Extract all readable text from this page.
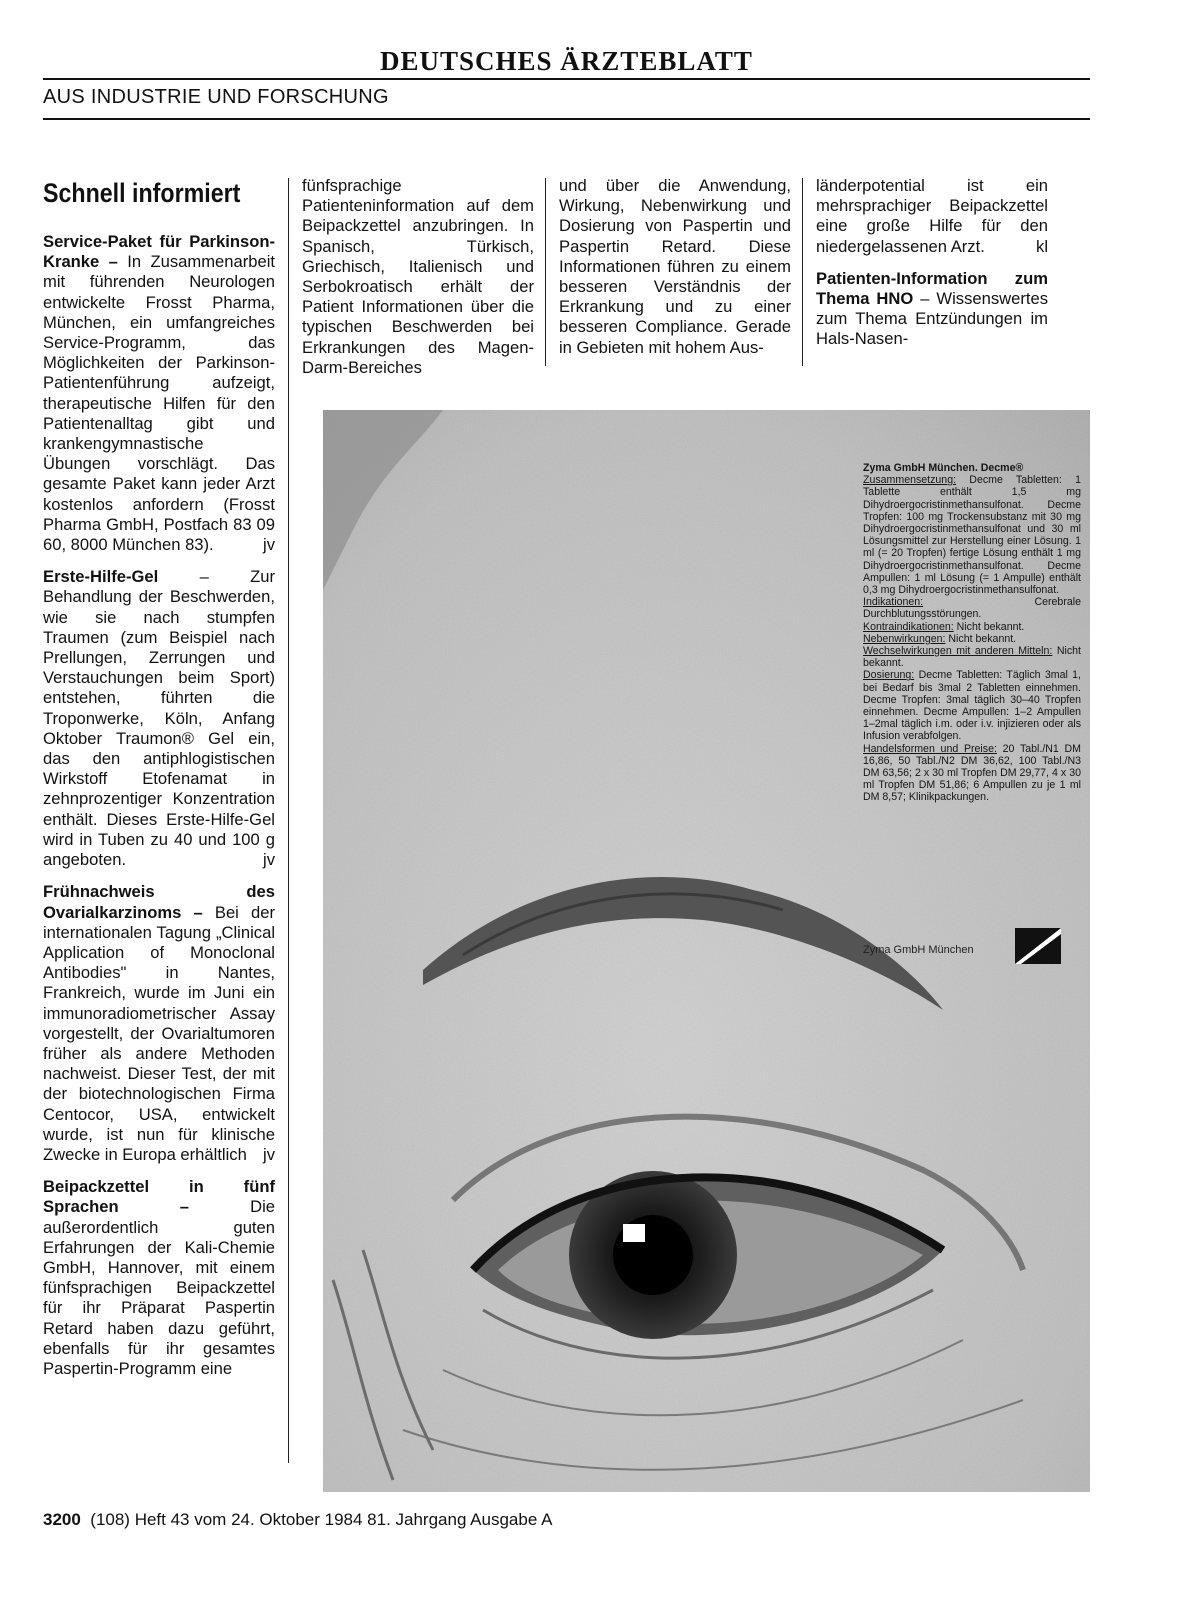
DEUTSCHES ÄRZTEBLATT
AUS INDUSTRIE UND FORSCHUNG
Schnell informiert

Service-Paket für Parkinson-Kranke – In Zusammenarbeit mit führenden Neurologen entwickelte Frosst Pharma, München, ein umfangreiches Service-Programm, das Möglichkeiten der Parkinson-Patientenführung aufzeigt, therapeutische Hilfen für den Patientenalltag gibt und krankengymnastische Übungen vorschlägt. Das gesamte Paket kann jeder Arzt kostenlos anfordern (Frosst Pharma GmbH, Postfach 83 09 60, 8000 München 83).	jv

Erste-Hilfe-Gel – Zur Behandlung der Beschwerden, wie sie nach stumpfen Traumen (zum Beispiel nach Prellungen, Zerrungen und Verstauchungen beim Sport) entstehen, führten die Troponwerke, Köln, Anfang Oktober Traumon® Gel ein, das den antiphlogistischen Wirkstoff Etofenamat in zehnprozentiger Konzentration enthält. Dieses Erste-Hilfe-Gel wird in Tuben zu 40 und 100 g angeboten.	jv

Frühnachweis des Ovarialkarzinoms – Bei der internationalen Tagung „Clinical Application of Monoclonal Antibodies" in Nantes, Frankreich, wurde im Juni ein immunoradiometrischer Assay vorgestellt, der Ovarialtumoren früher als andere Methoden nachweist. Dieser Test, der mit der biotechnologischen Firma Centocor, USA, entwickelt wurde, ist nun für klinische Zwecke in Europa erhältlich jv

Beipackzettel in fünf Sprachen – Die außerordentlich guten Erfahrungen der Kali-Chemie GmbH, Hannover, mit einem fünfsprachigen Beipackzettel für ihr Präparat Paspertin Retard haben dazu geführt, ebenfalls für ihr gesamtes Paspertin-Programm eine

fünfsprachige Patienteninformation auf dem Beipackzettel anzubringen. In Spanisch, Türkisch, Griechisch, Italienisch und Serbokroatisch erhält der Patient Informationen über die typischen Beschwerden bei Erkrankungen des Magen-Darm-Bereiches

und über die Anwendung, Wirkung, Nebenwirkung und Dosierung von Paspertin und Paspertin Retard. Diese Informationen führen zu einem besseren Verständnis der Erkrankung und zu einer besseren Compliance. Gerade in Gebieten mit hohem Aus-

länderpotential ist ein mehrsprachiger Beipackzettel eine große Hilfe für den niedergelassenen Arzt.	kl

Patienten-Information zum Thema HNO – Wissenswertes zum Thema Entzündungen im Hals-Nasen-

Zyma GmbH München. Decme®
Zusammensetzung: Decme Tabletten: 1 Tablette enthält 1,5 mg Dihydroergocristinmethansulfonat. Decme Tropfen: 100 mg Trockensubstanz mit 30 mg Dihydroergocristinmethansulfonat und 30 ml Lösungsmittel zur Herstellung einer Lösung. 1 ml (= 20 Tropfen) fertige Lösung enthält 1 mg Dihydroergocristinmethansulfonat. Decme Ampullen: 1 ml Lösung (= 1 Ampulle) enthält 0,3 mg Dihydroergocristinmethansulfonat.
Indikationen: Cerebrale Durchblutungsstörungen.
Kontraindikationen: Nicht bekannt.
Nebenwirkungen: Nicht bekannt.
Wechselwirkungen mit anderen Mitteln: Nicht bekannt.
Dosierung: Decme Tabletten: Täglich 3mal 1, bei Bedarf bis 3mal 2 Tabletten einnehmen. Decme Tropfen: 3mal täglich 30–40 Tropfen einnehmen. Decme Ampullen: 1–2 Ampullen 1–2mal täglich i.m. oder i.v. injizieren oder als Infusion verabfolgen.
Handelsformen und Preise: 20 Tabl./N1 DM 16,86, 50 Tabl./N2 DM 36,62, 100 Tabl./N3 DM 63,56; 2 x 30 ml Tropfen DM 29,77, 4 x 30 ml Tropfen DM 51,86; 6 Ampullen zu je 1 ml DM 8,57; Klinikpackungen.
Zyma GmbH München
3200 (108) Heft 43 vom 24. Oktober 1984 81. Jahrgang Ausgabe A
